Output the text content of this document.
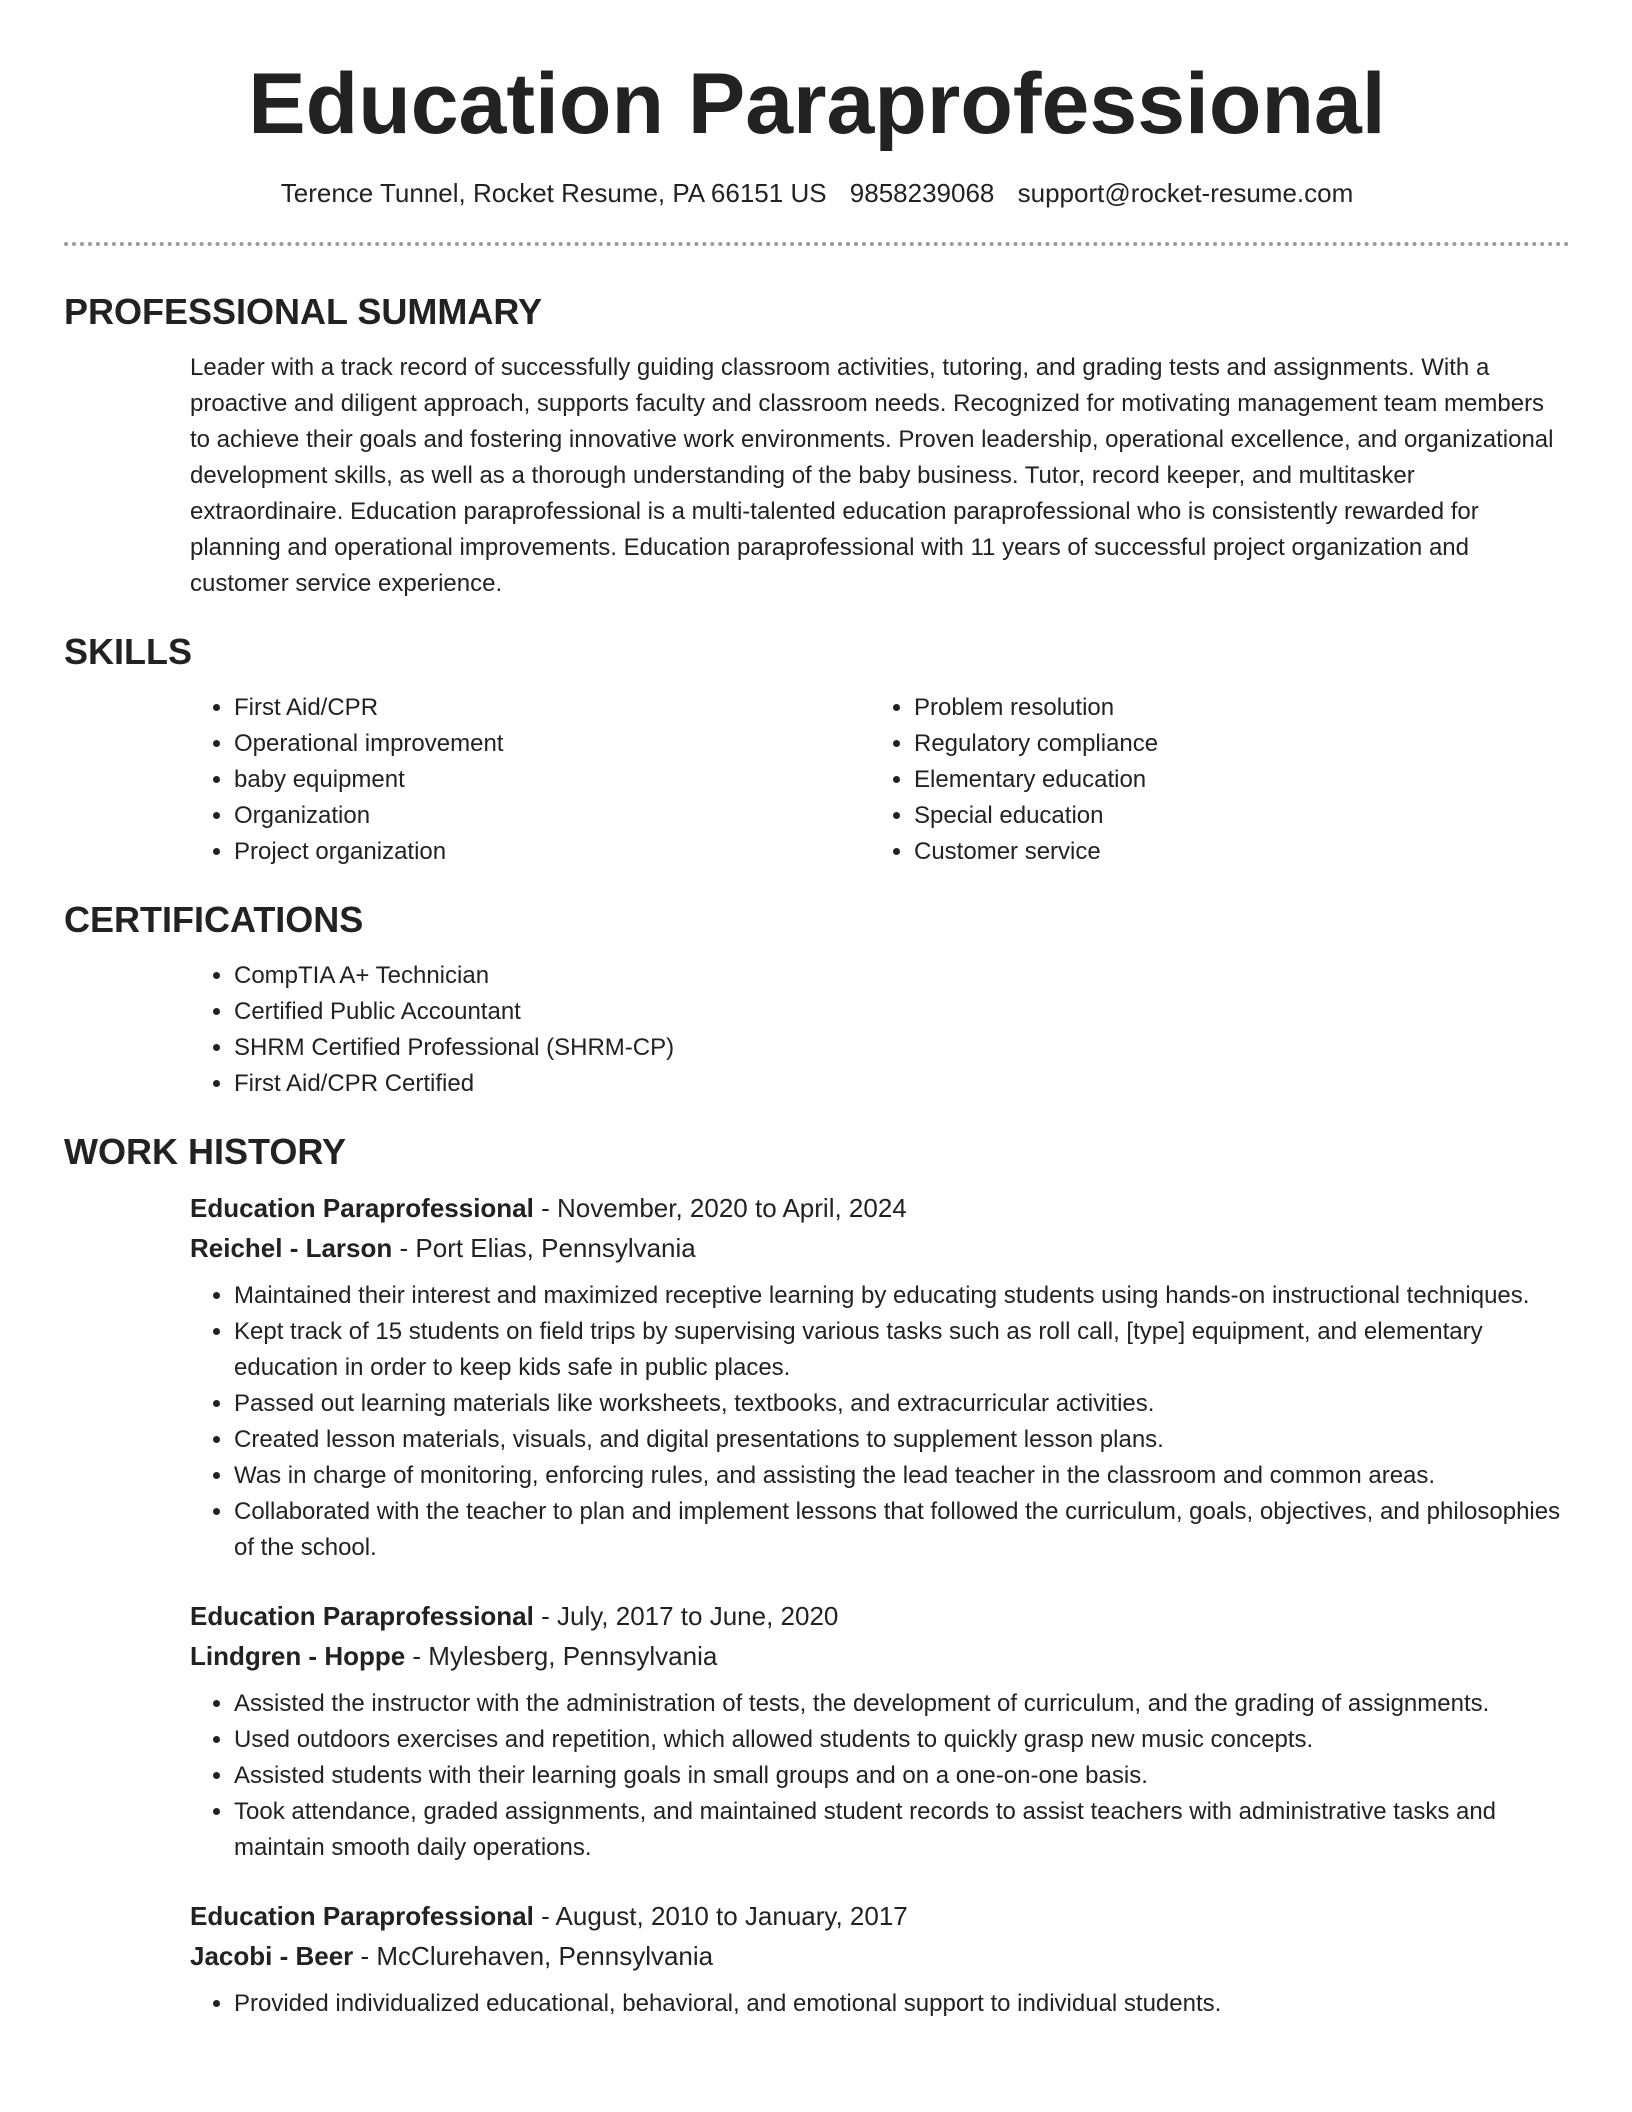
Education Paraprofessional
Terence Tunnel, Rocket Resume, PA 66151 US 9858239068 support@rocket-resume.com
PROFESSIONAL SUMMARY

Leader with a track record of successfully guiding classroom activities, tutoring, and grading tests and assignments. With a proactive and diligent approach, supports faculty and classroom needs. Recognized for motivating management team members to achieve their goals and fostering innovative work environments. Proven leadership, operational excellence, and organizational development skills, as well as a thorough understanding of the baby business. Tutor, record keeper, and multitasker extraordinaire. Education paraprofessional is a multi-talented education paraprofessional who is consistently rewarded for planning and operational improvements. Education paraprofessional with 11 years of successful project organization and customer service experience.

SKILLS
• First Aid/CPR
• Operational improvement
• baby equipment
• Organization
• Project organization
• Problem resolution
• Regulatory compliance
• Elementary education
• Special education
• Customer service
CERTIFICATIONS
• CompTIA A+ Technician
• Certified Public Accountant
• SHRM Certified Professional (SHRM-CP)
• First Aid/CPR Certified
WORK HISTORY
Education Paraprofessional - November, 2020 to April, 2024
Reichel - Larson - Port Elias, Pennsylvania
• Maintained their interest and maximized receptive learning by educating students using hands-on instructional techniques.
• Kept track of 15 students on field trips by supervising various tasks such as roll call, [type] equipment, and elementary education in order to keep kids safe in public places.
• Passed out learning materials like worksheets, textbooks, and extracurricular activities.
• Created lesson materials, visuals, and digital presentations to supplement lesson plans.
• Was in charge of monitoring, enforcing rules, and assisting the lead teacher in the classroom and common areas.
• Collaborated with the teacher to plan and implement lessons that followed the curriculum, goals, objectives, and philosophies of the school.
Education Paraprofessional - July, 2017 to June, 2020
Lindgren - Hoppe - Mylesberg, Pennsylvania
• Assisted the instructor with the administration of tests, the development of curriculum, and the grading of assignments.
• Used outdoors exercises and repetition, which allowed students to quickly grasp new music concepts.
• Assisted students with their learning goals in small groups and on a one-on-one basis.
• Took attendance, graded assignments, and maintained student records to assist teachers with administrative tasks and maintain smooth daily operations.
Education Paraprofessional - August, 2010 to January, 2017
Jacobi - Beer - McClurehaven, Pennsylvania
• Provided individualized educational, behavioral, and emotional support to individual students.
